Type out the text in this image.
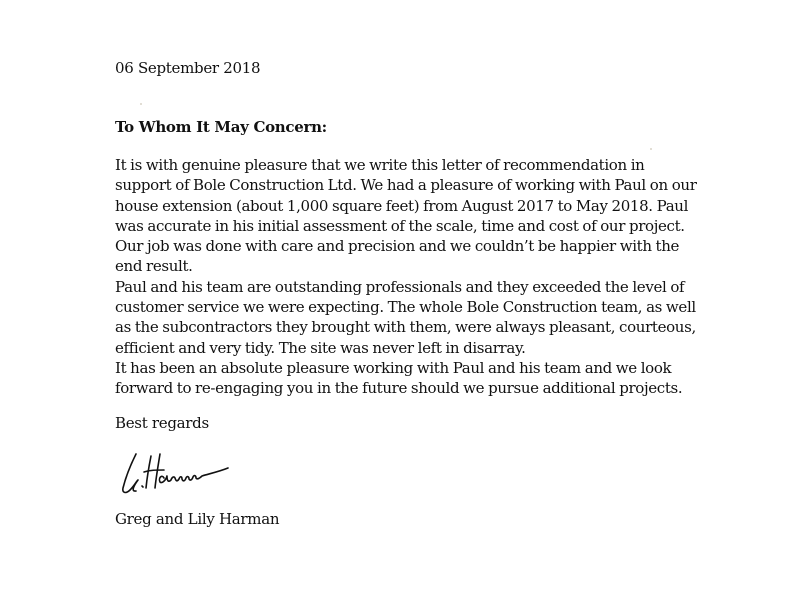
06 September 2018
To Whom It May Concern:
It is with genuine pleasure that we write this letter of recommendation in
support of Bole Construction Ltd. We had a pleasure of working with Paul on our
house extension (about 1,000 square feet) from August 2017 to May 2018. Paul
was accurate in his initial assessment of the scale, time and cost of our project.
Our job was done with care and precision and we couldn’t be happier with the
end result.
Paul and his team are outstanding professionals and they exceeded the level of
customer service we were expecting. The whole Bole Construction team, as well
as the subcontractors they brought with them, were always pleasant, courteous,
efficient and very tidy. The site was never left in disarray.
It has been an absolute pleasure working with Paul and his team and we look
forward to re-engaging you in the future should we pursue additional projects.
Best regards
Greg and Lily Harman
